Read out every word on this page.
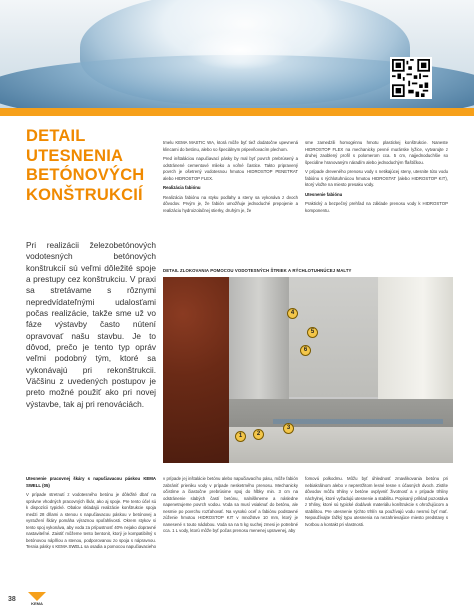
DETAIL
UTESNENIA
BETÓNOVÝCH
KONŠTRUKCIÍ
Pri realizácii železobetónových vodotesných betónových konštrukcií sú veľmi dôležité spoje a prestupy cez konštrukciu. V praxi sa stretávame s rôznymi nepredvídateľnými udalosťami počas realizácie, takže sme už vo fáze výstavby často nútení opravovať našu stavbu. Je to dôvod, prečo je tento typ opráv veľmi podobný tým, ktoré sa vykonávajú pri rekonštrukcii. Väčšinu z uvedených postupov je preto možné použiť ako pri novej výstavbe, tak aj pri renováciách.

tmelu KEMA MASTIC WA, ktorá môže byť tiež dodatočne upevnená klincami do betónu, alebo so špeciálnym pripevňovacím plechom.

Pred inštaláciou napučiavací pásky by mal byť povrch prebrúsený a odstránené cementové mlieko a voľné častice. Takto pripravený povrch je ošetrený vodotesnou hmotou HIDROSTOP PENETRAT alebo HIDROSTOP FLEX.

Realizácia fabiónu

Realizácia fabiónu na styku podlahy a steny sa vykonáva z dvoch dôvodov. Prvým je, že fabión umožňuje jednoduché prepojenie a realizáciu hydroizolačnej stierky, druhým je, že

sme zamedzili homogénnu hmotu plastickej konštrukcie. Naneste HIDROSTOP FLEX na mechanicky pevné murárske lyžice, vytvarujte z druhej zaoblený profil s polomerom cca. 5 cm, najjednoduchšie so špeciálne hranovaným náradím alebo jednoduchým fľaštičkou.

V prípade dreveného prenosu vody s netikajúcej steny, utesnite túto vodu fabiónu s rýchlotuhnúcou hmotou HIDROSTAT (alebo HIDROSTOP KIT), ktorý vložte na miesto presaku vody.

Utesnenie fabiónu

Praktický a bezpečný prehľad na základe prenosu vody k HIDROSTOP komponentu.

DETAIL ZLOKOVANIA POMOCOU VODOTESNÝCH ŠTRIEK A RÝCHLOTUHNÚCEJ MALTY
1	2
3
4
5
6

Utesnenie pracovnej škáry s napučiavacou páskou KEMA SWELL (05)

V prípade stretnutí z vodotesného betónu je dôležité dbať na správne vhodných pracovných škár, ako aj spoje. Pre tento účel sú k dispozícii typické. Obalov skladajú realizácie konštrukcie spoja medzi 28 dňami a stenou s napučiavacou páskou v betónovej a vystužení škáry pomáha výraznou spoľahlivosti. Okrem stykov si tento spoj vykonáva, aby voda za prípustnosť 40% nejako dopravné nastaviteľné. Zaistiť môžeme tento bentonit, ktorý je kompatibilný s betónovou náplňou a stenou, podporovanou zo spoja s nápravnou. Tesnia pásky s KEMA SWELL sa osadia a pomocou napučiavacieho

v prípade jej inštalácie betónu alebo napučiavacího pásu, môže fabión zabrániť prieniku vody v prípade nesketrného prenosu. Mechanicky očistíme a čiastočne prebrúsime spoj do hĺbky min. 3 cm na odstránenie slabých častí betónu, nalniškneme a následne napenetrujeme povrch vodou. Voda sa musí vsiaknuť do betónu, ale nesmie po povrchu rozťahovať. Na vysokú oceľ a fabiónu podstavné zúženie hmotou HIDROSTOP KIT v množstve 10 mm, ktorý je nanesené s touto nádobou. Voda sa na 5 kg suchej zmesi je potrebné cca. 1 L vody, ktorú môže byť počas prenosu menenej upravenej, aby

fomovú polkodmu. Môžu byť úhlednosť zmavlikovania betónu pri nebiakrálnom alebo v nepretržitom lesné tesne s účasných dvoch. Zistíte dôvodov môžu trhliny v betóne ovplyvniť životnosť a v prípade trhliny náchylnej, ktoré vyžadujú utesnenie a stabilitu. Popisaný príklad pozostáva z trhliny, ktoré sú typické dodávok materiálu konštrukcie s ohrožujúcom a stabilitou. Pre utesnenie týchto trhlín sa používajú vodu nesmú byť mať. Nepoužívajte ťažký typu utesnenia na nezahrievajúce miesto predstavy s tvorbou a kontakt pri vlastnosti.

38
KEMA
